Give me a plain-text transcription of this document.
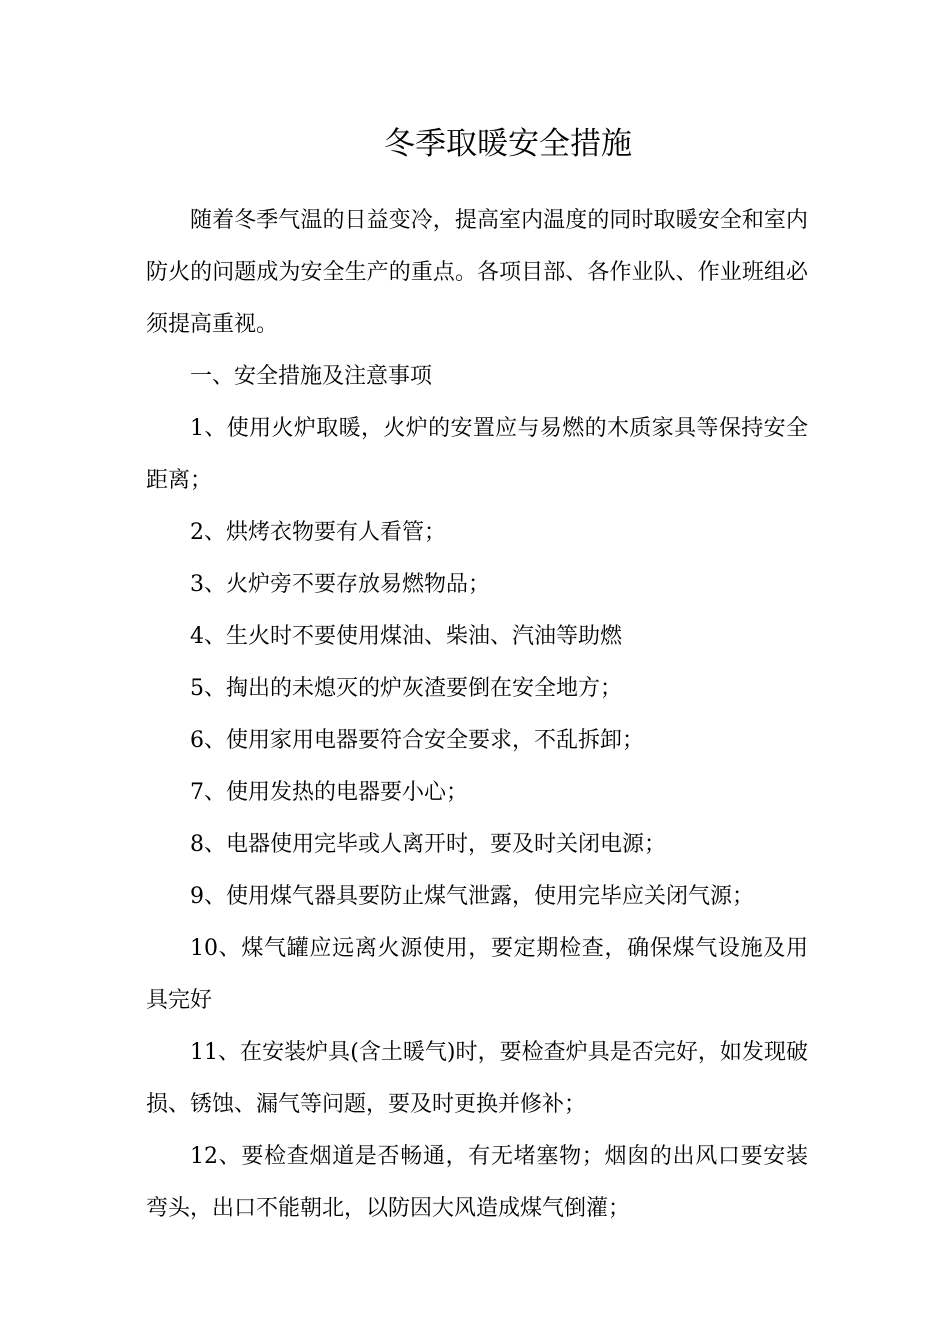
冬季取暖安全措施

随着冬季气温的日益变冷，提高室内温度的同时取暖安全和室内防火的问题成为安全生产的重点。各项目部、各作业队、作业班组必须提高重视。

一、安全措施及注意事项

1、使用火炉取暖，火炉的安置应与易燃的木质家具等保持安全距离；

2、烘烤衣物要有人看管；

3、火炉旁不要存放易燃物品；

4、生火时不要使用煤油、柴油、汽油等助燃

5、掏出的未熄灭的炉灰渣要倒在安全地方；

6、使用家用电器要符合安全要求，不乱拆卸；

7、使用发热的电器要小心；

8、电器使用完毕或人离开时，要及时关闭电源；

9、使用煤气器具要防止煤气泄露，使用完毕应关闭气源；

10、煤气罐应远离火源使用，要定期检查，确保煤气设施及用具完好

11、在安装炉具(含土暖气)时，要检查炉具是否完好，如发现破损、锈蚀、漏气等问题，要及时更换并修补；

12、要检查烟道是否畅通，有无堵塞物；烟囱的出风口要安装弯头，出口不能朝北，以防因大风造成煤气倒灌；
